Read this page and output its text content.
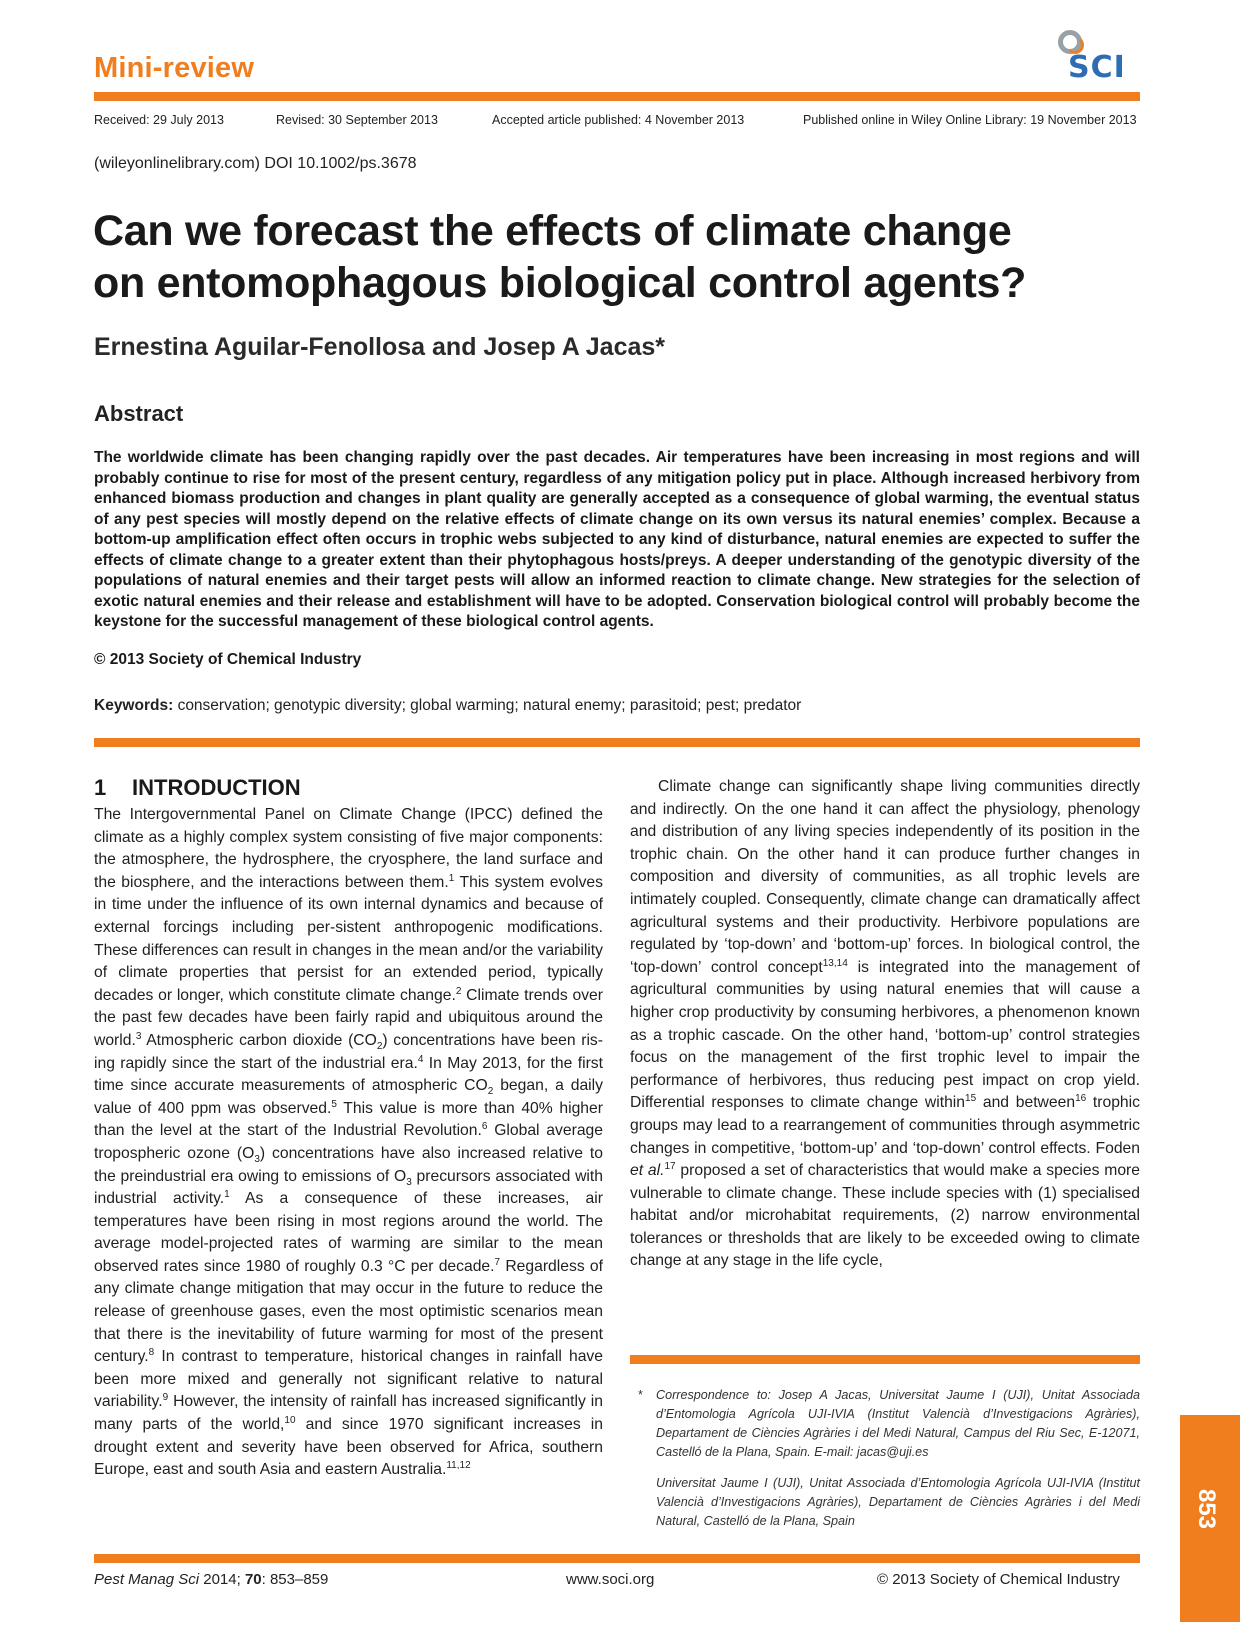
Mini-review	SCI
Received: 29 July 2013	Revised: 30 September 2013	Accepted article published: 4 November 2013	Published online in Wiley Online Library: 19 November 2013
(wileyonlinelibrary.com) DOI 10.1002/ps.3678
Can we forecast the effects of climate change
on entomophagous biological control agents?
Ernestina Aguilar-Fenollosa and Josep A Jacas*
Abstract
The worldwide climate has been changing rapidly over the past decades. Air temperatures have been increasing in most regions and will probably continue to rise for most of the present century, regardless of any mitigation policy put in place. Although increased herbivory from enhanced biomass production and changes in plant quality are generally accepted as a consequence of global warming, the eventual status of any pest species will mostly depend on the relative effects of climate change on its own versus its natural enemies’ complex. Because a bottom-up amplification effect often occurs in trophic webs subjected to any kind of disturbance, natural enemies are expected to suffer the effects of climate change to a greater extent than their phytophagous hosts/preys. A deeper understanding of the genotypic diversity of the populations of natural enemies and their target pests will allow an informed reaction to climate change. New strategies for the selection of exotic natural enemies and their release and establishment will have to be adopted. Conservation biological control will probably become the keystone for the successful management of these biological control agents.
© 2013 Society of Chemical Industry
Keywords: conservation; genotypic diversity; global warming; natural enemy; parasitoid; pest; predator
1 INTRODUCTION
The Intergovernmental Panel on Climate Change (IPCC) defined the climate as a highly complex system consisting of five major components: the atmosphere, the hydrosphere, the cryosphere, the land surface and the biosphere, and the interactions between them.$^1$ This system evolves in time under the influence of its own internal dynamics and because of external forcings including per-sistent anthropogenic modifications. These differences can result in changes in the mean and/or the variability of climate properties that persist for an extended period, typically decades or longer, which constitute climate change.$^2$ Climate trends over the past few decades have been fairly rapid and ubiquitous around the world.$^3$ Atmospheric carbon dioxide $(CO_2)$ concentrations have been ris-ing rapidly since the start of the industrial era.$^4$ In May 2013, for the first time since accurate measurements of atmospheric $CO_2$ began, a daily value of 400 ppm was observed.$^5$ This value is more than 40% higher than the level at the start of the Industrial Revolution.$^6$ Global average tropospheric ozone $(O_3)$ concentrations have also increased relative to the preindustrial era owing to emissions of $O_3$ precursors associated with industrial activity.$^1$ As a consequence of these increases, air temperatures have been rising in most regions around the world. The average model-projected rates of warming are similar to the mean observed rates since 1980 of roughly 0.3 °C per decade.$^7$ Regardless of any climate change mitigation that may occur in the future to reduce the release of greenhouse gases, even the most optimistic scenarios mean that there is the inevitability of future warming for most of the present century.$^8$ In contrast to temperature, historical changes in rainfall have been more mixed and generally not significant relative to natural variability.$^9$ However, the intensity of rainfall has increased significantly in many parts of the world,$^{10}$ and since 1970 significant increases in drought extent and severity have been observed for Africa, southern Europe, east and south Asia and eastern Australia.$^{11,12}$
Climate change can significantly shape living communities directly and indirectly. On the one hand it can affect the physiology, phenology and distribution of any living species independently of its position in the trophic chain. On the other hand it can produce further changes in composition and diversity of communities, as all trophic levels are intimately coupled. Consequently, climate change can dramatically affect agricultural systems and their productivity. Herbivore populations are regulated by ‘top-down’ and ‘bottom-up’ forces. In biological control, the ‘top-down’ control concept$^{13,14}$ is integrated into the management of agricultural communities by using natural enemies that will cause a higher crop productivity by consuming herbivores, a phenomenon known as a trophic cascade. On the other hand, ‘bottom-up’ control strategies focus on the management of the first trophic level to impair the performance of herbivores, thus reducing pest impact on crop yield. Differential responses to climate change within$^{15}$ and between$^{16}$ trophic groups may lead to a rearrangement of communities through asymmetric changes in competitive, ‘bottom-up’ and ‘top-down’ control effects. Foden et al.$^{17}$ proposed a set of characteristics that would make a species more vulnerable to climate change. These include species with (1) specialised habitat and/or microhabitat requirements, (2) narrow environmental tolerances or thresholds that are likely to be exceeded owing to climate change at any stage in the life cycle,
* Correspondence to: Josep A Jacas, Universitat Jaume I (UJI), Unitat Associada d’Entomologia Agrícola UJI-IVIA (Institut Valencià d’Investigacions Agràries), Departament de Ciències Agràries i del Medi Natural, Campus del Riu Sec, E-12071, Castelló de la Plana, Spain. E-mail: jacas@uji.es

Universitat Jaume I (UJI), Unitat Associada d’Entomologia Agrícola UJI-IVIA (Institut Valencià d’Investigacions Agràries), Departament de Ciències Agràries i del Medi Natural, Castelló de la Plana, Spain	853
Pest Manag Sci 2014; 70: 853–859	www.soci.org	© 2013 Society of Chemical Industry
